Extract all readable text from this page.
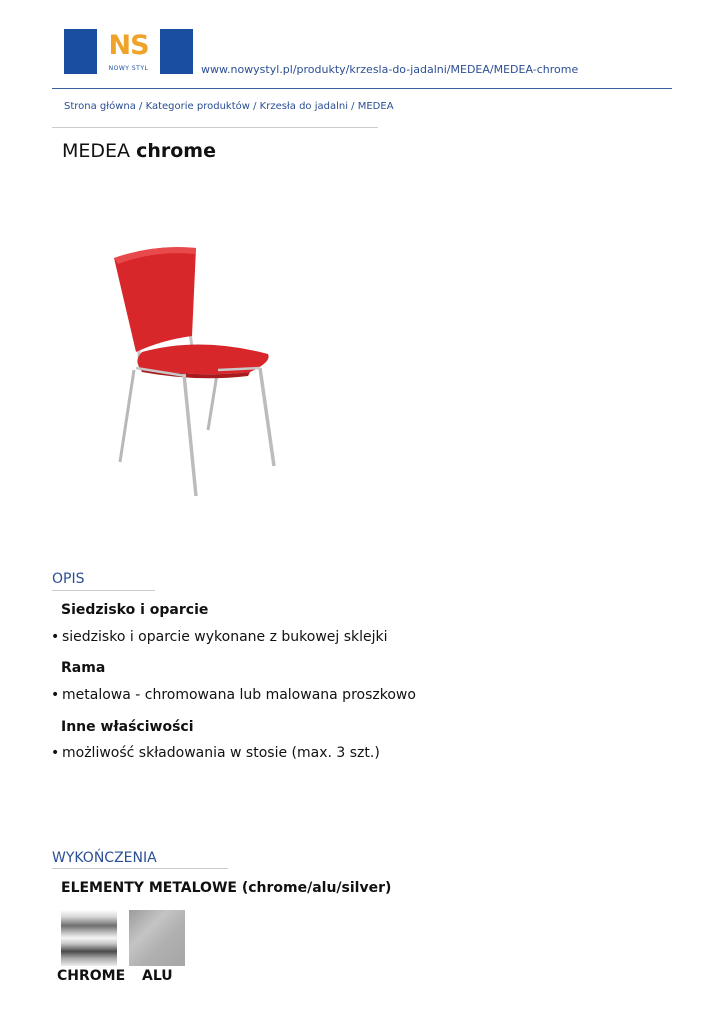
NS
NOWY STYL	www.nowystyl.pl/produkty/krzesla-do-jadalni/MEDEA/MEDEA-chrome
Strona główna / Kategorie produktów / Krzesła do jadalni / MEDEA
MEDEA chrome
OPIS
Siedzisko i oparcie
• siedzisko i oparcie wykonane z bukowej sklejki
Rama
• metalowa - chromowana lub malowana proszkowo
Inne właściwości
• możliwość składowania w stosie (max. 3 szt.)
WYKOŃCZENIA
ELEMENTY METALOWE (chrome/alu/silver)
CHROME ALU
